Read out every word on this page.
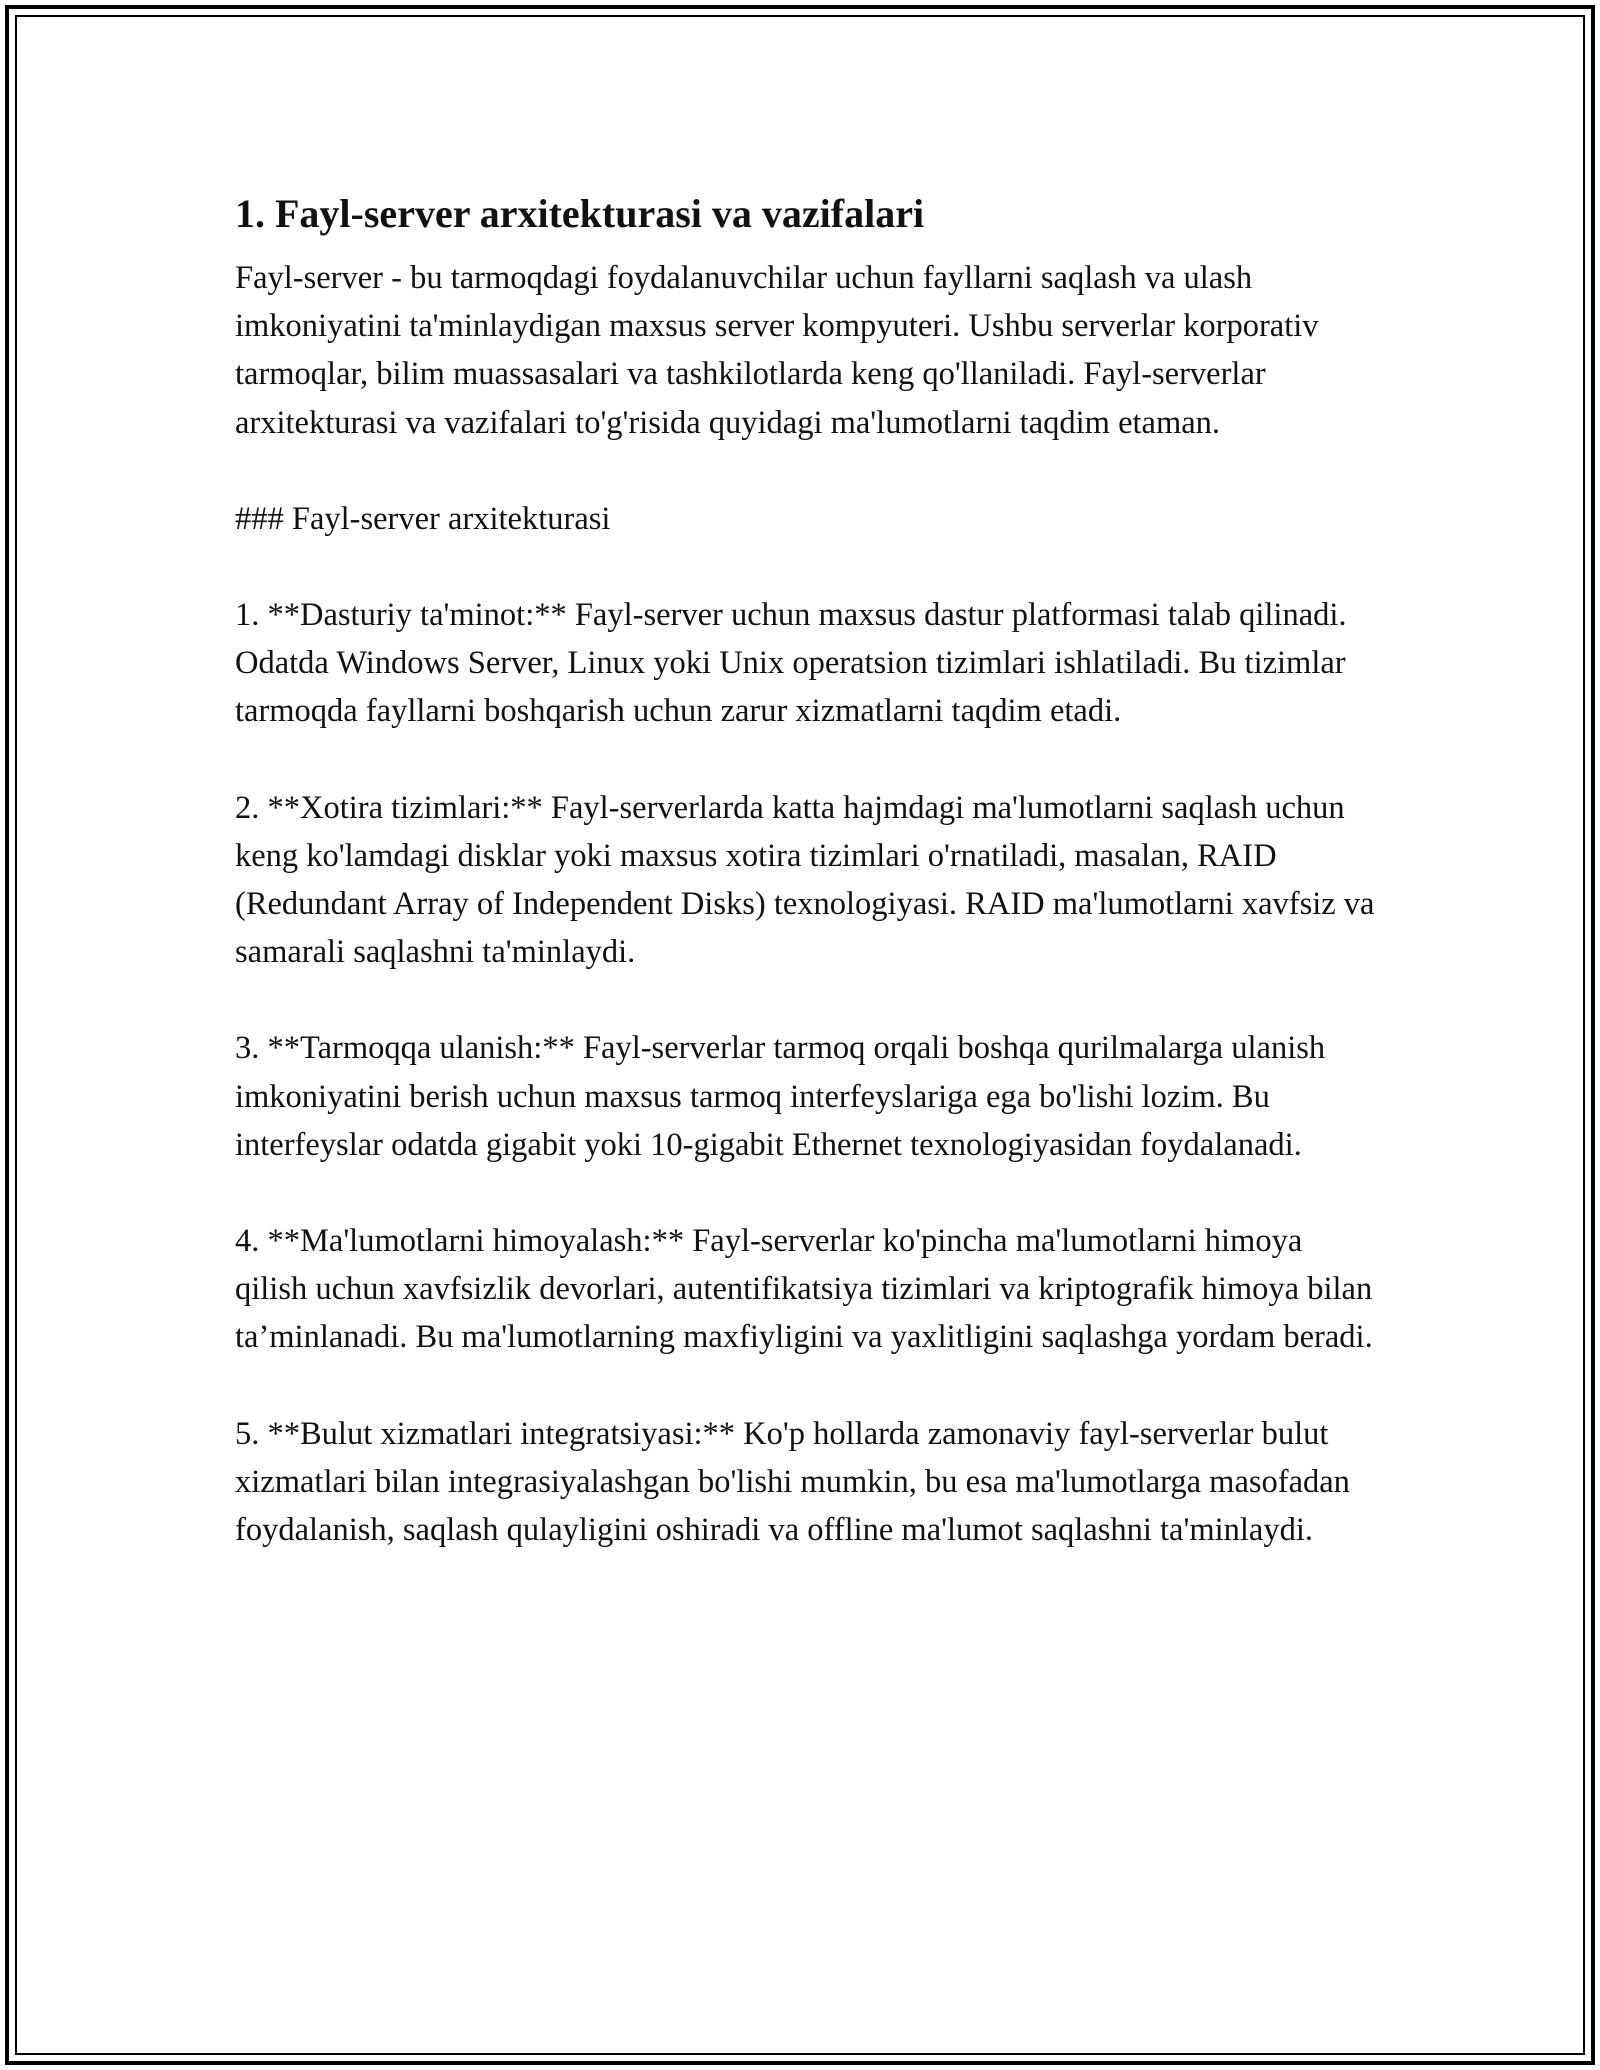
1. Fayl-server arxitekturasi va vazifalari

Fayl-server - bu tarmoqdagi foydalanuvchilar uchun fayllarni saqlash va ulash imkoniyatini ta'minlaydigan maxsus server kompyuteri. Ushbu serverlar korporativ tarmoqlar, bilim muassasalari va tashkilotlarda keng qo'llaniladi. Fayl-serverlar arxitekturasi va vazifalari to'g'risida quyidagi ma'lumotlarni taqdim etaman.

### Fayl-server arxitekturasi

1. **Dasturiy ta'minot:** Fayl-server uchun maxsus dastur platformasi talab qilinadi. Odatda Windows Server, Linux yoki Unix operatsion tizimlari ishlatiladi. Bu tizimlar tarmoqda fayllarni boshqarish uchun zarur xizmatlarni taqdim etadi.

2. **Xotira tizimlari:** Fayl-serverlarda katta hajmdagi ma'lumotlarni saqlash uchun keng ko'lamdagi disklar yoki maxsus xotira tizimlari o'rnatiladi, masalan, RAID (Redundant Array of Independent Disks) texnologiyasi. RAID ma'lumotlarni xavfsiz va samarali saqlashni ta'minlaydi.

3. **Tarmoqqa ulanish:** Fayl-serverlar tarmoq orqali boshqa qurilmalarga ulanish imkoniyatini berish uchun maxsus tarmoq interfeyslariga ega bo'lishi lozim. Bu interfeyslar odatda gigabit yoki 10-gigabit Ethernet texnologiyasidan foydalanadi.

4. **Ma'lumotlarni himoyalash:** Fayl-serverlar ko'pincha ma'lumotlarni himoya qilish uchun xavfsizlik devorlari, autentifikatsiya tizimlari va kriptografik himoya bilan ta’minlanadi. Bu ma'lumotlarning maxfiyligini va yaxlitligini saqlashga yordam beradi.

5. **Bulut xizmatlari integratsiyasi:** Ko'p hollarda zamonaviy fayl-serverlar bulut xizmatlari bilan integrasiyalashgan bo'lishi mumkin, bu esa ma'lumotlarga masofadan foydalanish, saqlash qulayligini oshiradi va offline ma'lumot saqlashni ta'minlaydi.
